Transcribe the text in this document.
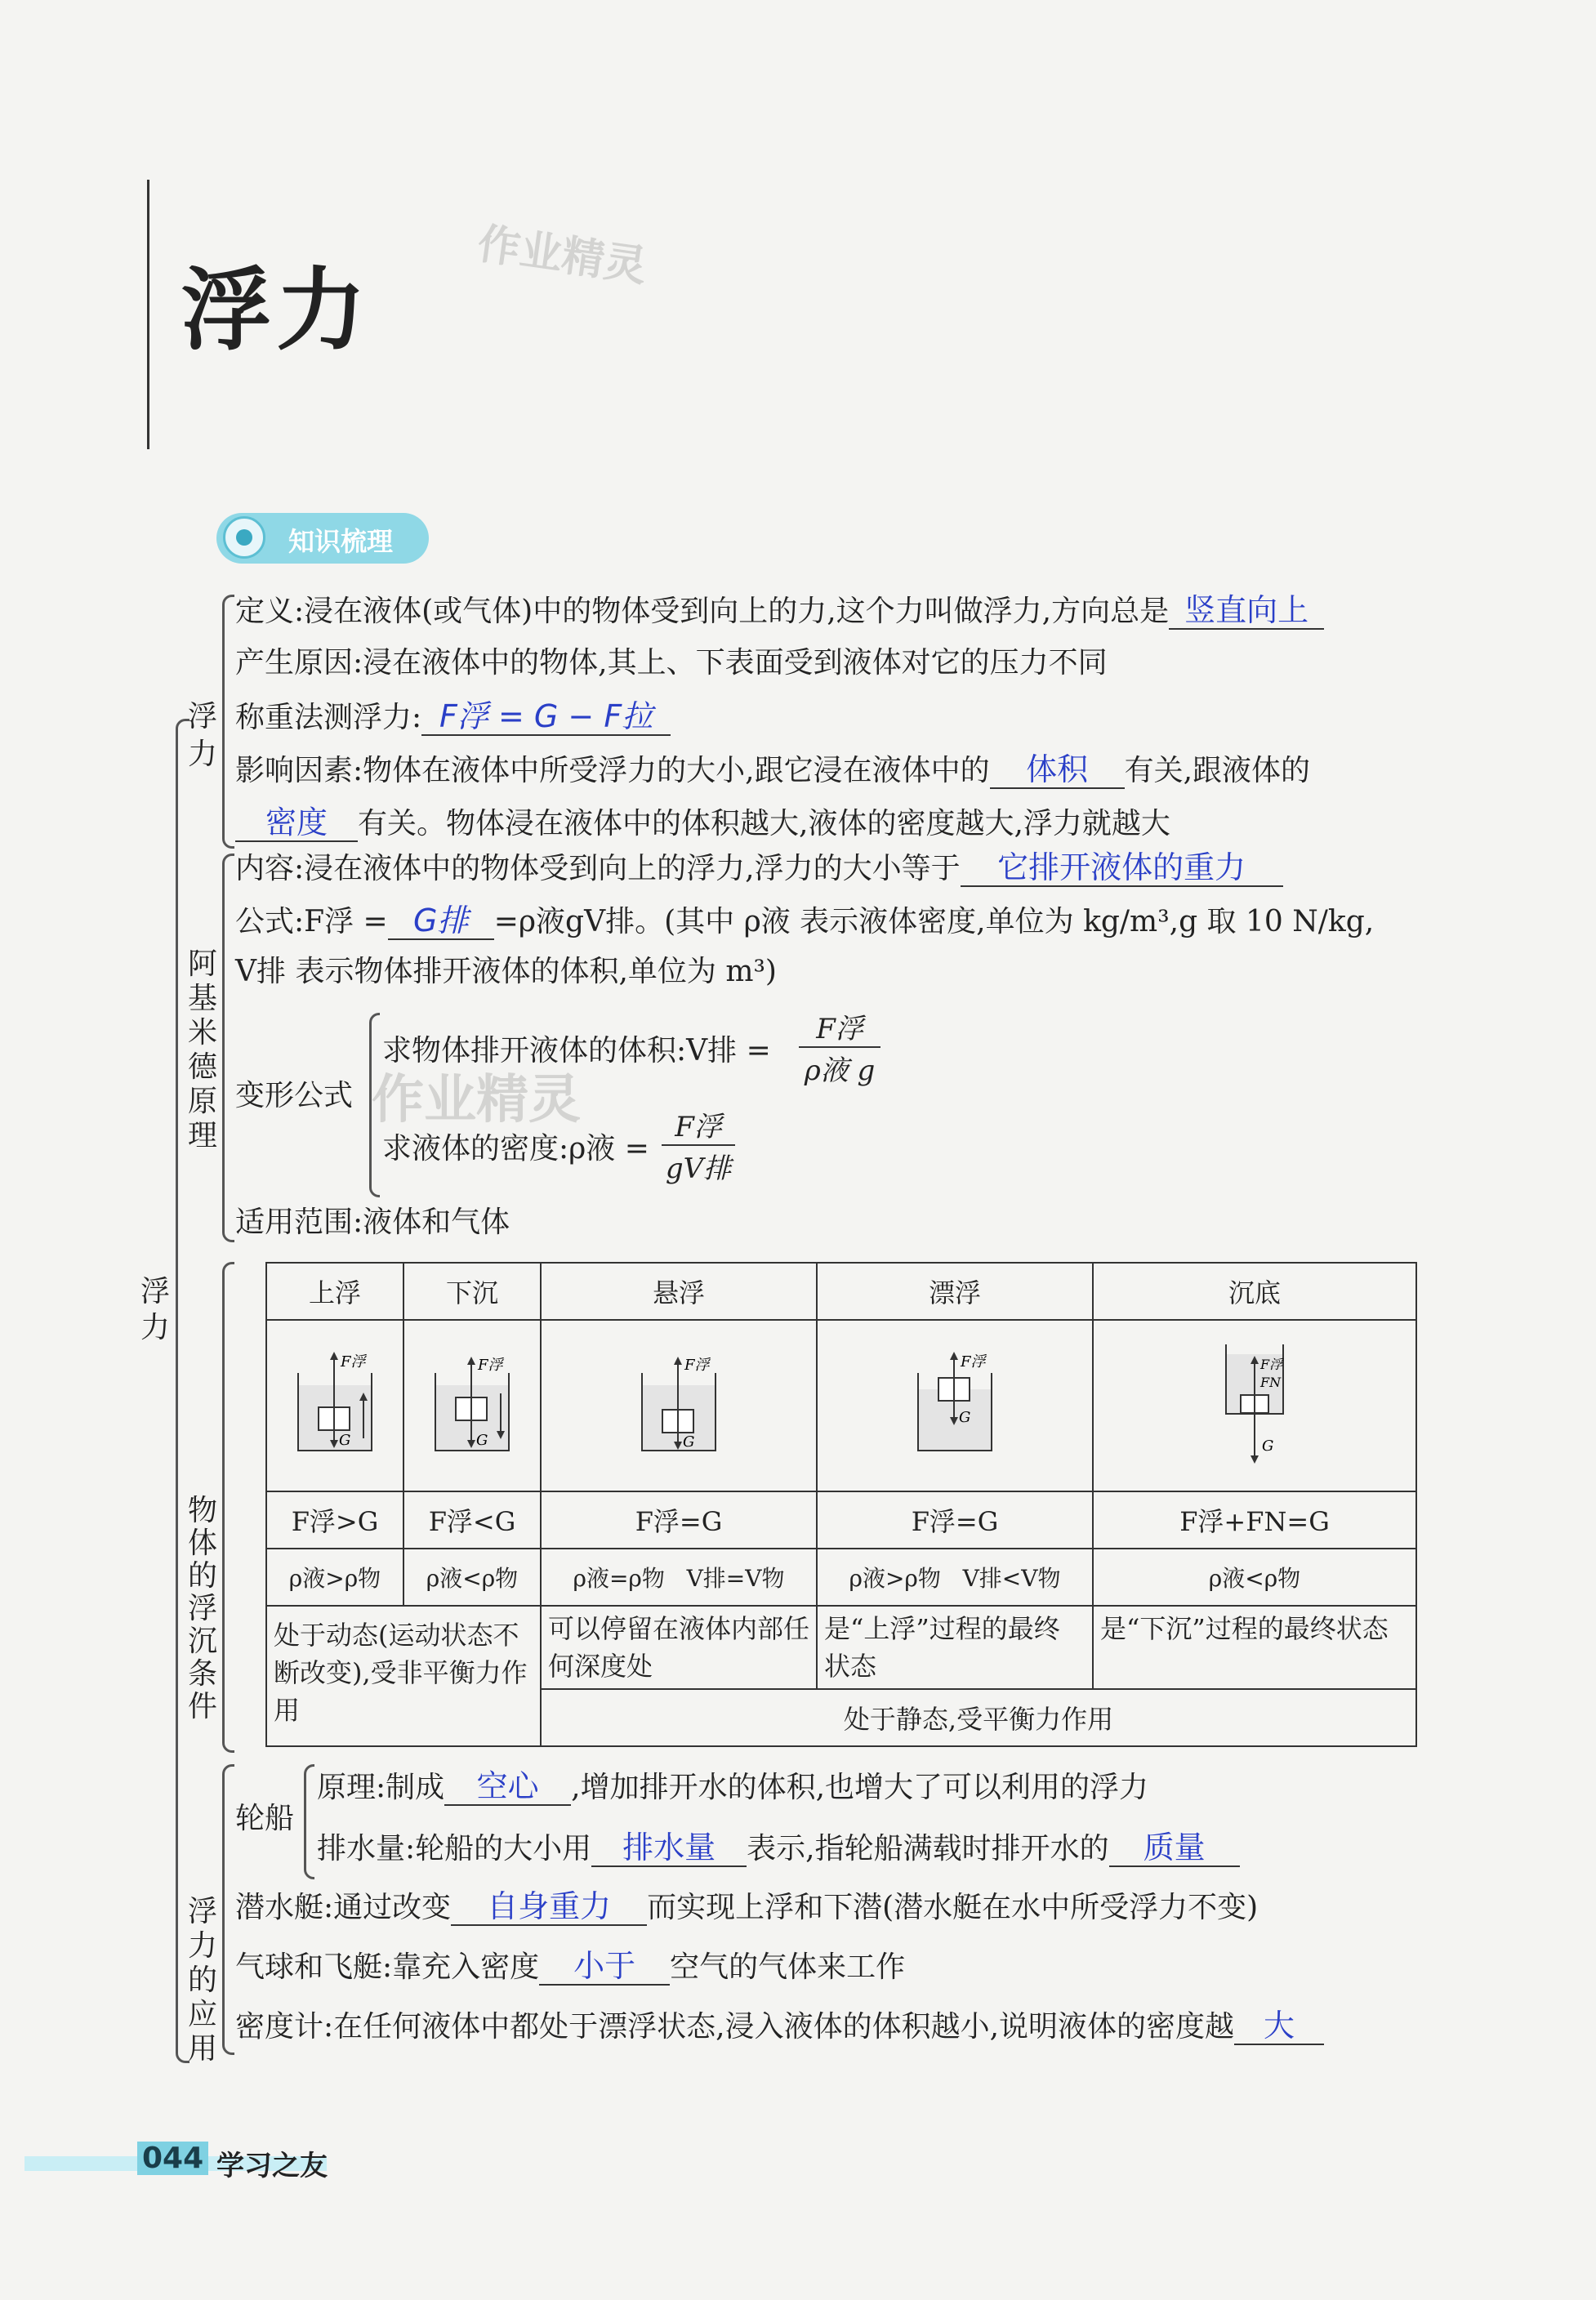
浮力
作业精灵
知识梳理
浮力
浮力
定义:浸在液体(或气体)中的物体受到向上的力,这个力叫做浮力,方向总是 竖直向上
产生原因:浸在液体中的物体,其上、下表面受到液体对它的压力不同
称重法测浮力: F浮 = G − F拉
影响因素:物体在液体中所受浮力的大小,跟它浸在液体中的 体积 有关,跟液体的
密度 有关。物体浸在液体中的体积越大,液体的密度越大,浮力就越大
阿基米德原理
内容:浸在液体中的物体受到向上的浮力,浮力的大小等于 它排开液体的重力
公式:F浮 = G排 =ρ液gV排。(其中 ρ液 表示液体密度,单位为 kg/m³,g 取 10 N/kg,
V排 表示物体排开液体的体积,单位为 m³)
变形公式
求物体排开液体的体积:V排 =
F浮
ρ液 g
作业精灵
求液体的密度:ρ液 =
F浮
gV排
适用范围:液体和气体
物体的浮沉条件
上浮	下沉	悬浮	漂浮	沉底

F浮
G	F浮
G	F浮
G	F浮
G	F浮
FN
G

F浮>G	F浮<G	F浮=G	F浮=G	F浮+FN=G
ρ液>ρ物	ρ液<ρ物	ρ液=ρ物   V排=V物	ρ液>ρ物   V排<V物	ρ液<ρ物
处于动态(运动状态不断改变),受非平衡力作用		可以停留在液体内部任何深度处	是“上浮”过程的最终状态	是“下沉”过程的最终状态
		处于静态,受平衡力作用		
浮力的应用
轮船
原理:制成 空心 ,增加排开水的体积,也增大了可以利用的浮力
排水量:轮船的大小用 排水量 表示,指轮船满载时排开水的 质量
潜水艇:通过改变 自身重力 而实现上浮和下潜(潜水艇在水中所受浮力不变)
气球和飞艇:靠充入密度 小于 空气的气体来工作
密度计:在任何液体中都处于漂浮状态,浸入液体的体积越小,说明液体的密度越 大
044 学习之友
